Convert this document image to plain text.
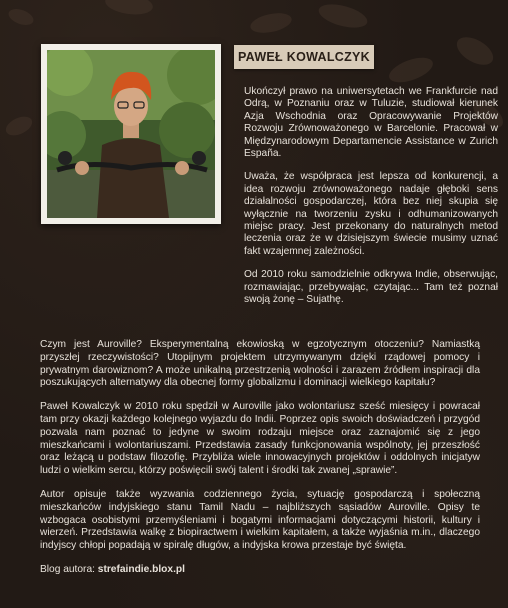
PAWEŁ KOWALCZYK

Ukończył prawo na uniwersytetach we Frankfurcie nad Odrą, w Poznaniu oraz w Tuluzie, studiował kierunek Azja Wschodnia oraz Opracowywanie Projektów Rozwoju Zrównoważonego w Barcelonie. Pracował w Międzynarodowym Departamencie Assistance w Zurich España.

Uważa, że współpraca jest lepsza od konkurencji, a idea rozwoju zrównoważonego nadaje głęboki sens działalności gospodarczej, która bez niej skupia się wyłącznie na tworzeniu zysku i odhumanizowanych miejsc pracy. Jest przekonany do naturalnych metod leczenia oraz że w dzisiejszym świecie musimy uznać fakt wzajemnej zależności.

Od 2010 roku samodzielnie odkrywa Indie, obserwując, rozmawiając, przebywając, czytając... Tam też poznał swoją żonę – Sujathę.

Czym jest Auroville? Eksperymentalną ekowioską w egzotycznym otoczeniu? Namiastką przyszłej rzeczywistości? Utopijnym projektem utrzymywanym dzięki rządowej pomocy i prywatnym darowiznom? A może unikalną przestrzenią wolności i zarazem źródłem inspiracji dla poszukujących alternatywy dla obecnej formy globalizmu i dominacji wielkiego kapitału?

Paweł Kowalczyk w 2010 roku spędził w Auroville jako wolontariusz sześć miesięcy i powracał tam przy okazji każdego kolejnego wyjazdu do Indii. Poprzez opis swoich doświadczeń i przygód pozwala nam poznać to jedyne w swoim rodzaju miejsce oraz zaznajomić się z jego mieszkańcami i wolontariuszami. Przedstawia zasady funkcjonowania wspólnoty, jej przeszłość oraz leżącą u podstaw filozofię. Przybliża wiele innowacyjnych projektów i oddolnych inicjatyw ludzi o wielkim sercu, którzy poświęcili swój talent i środki tak zwanej „sprawie”.

Autor opisuje także wyzwania codziennego życia, sytuację gospodarczą i społeczną mieszkańców indyjskiego stanu Tamil Nadu – najbliższych sąsiadów Auroville. Opisy te wzbogaca osobistymi przemyśleniami i bogatymi informacjami dotyczącymi historii, kultury i wierzeń. Przedstawia walkę z biopiractwem i wielkim kapitałem, a także wyjaśnia m.in., dlaczego indyjscy chłopi popadają w spiralę długów, a indyjska krowa przestaje być święta.

Blog autora: strefaindie.blox.pl
